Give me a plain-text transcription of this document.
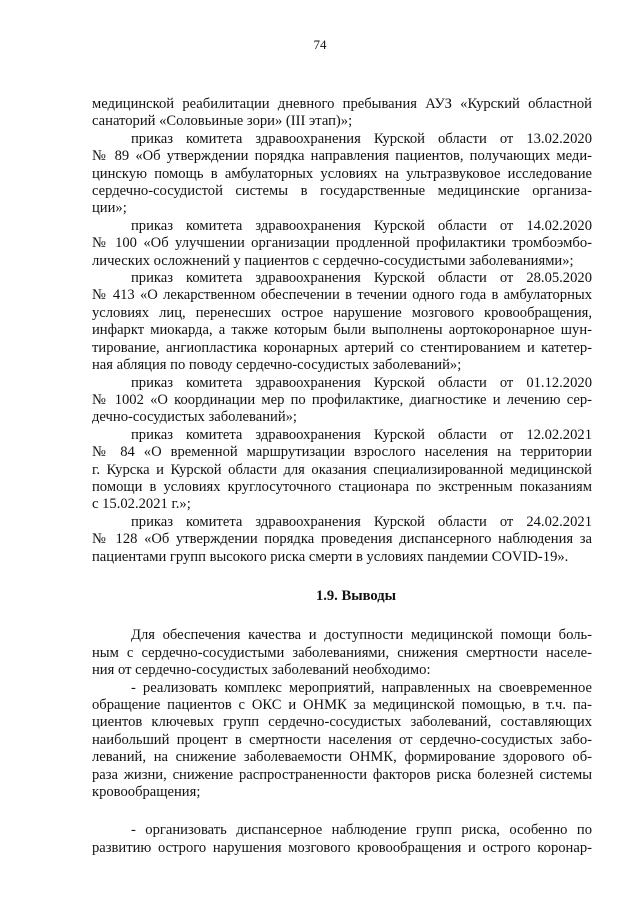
74
медицинской реабилитации дневного пребывания АУЗ «Курский областной
санаторий «Соловьиные зори» (III этап)»;
приказ комитета здравоохранения Курской области от 13.02.2020
№ 89 «Об утверждении порядка направления пациентов, получающих меди-
цинскую помощь в амбулаторных условиях на ультразвуковое исследование
сердечно-сосудистой системы в государственные медицинские организа-
ции»;
приказ комитета здравоохранения Курской области от 14.02.2020
№ 100 «Об улучшении организации продленной профилактики тромбоэмбо-
лических осложнений у пациентов с сердечно-сосудистыми заболеваниями»;
приказ комитета здравоохранения Курской области от 28.05.2020
№ 413 «О лекарственном обеспечении в течении одного года в амбулаторных
условиях лиц, перенесших острое нарушение мозгового кровообращения,
инфаркт миокарда, а также которым были выполнены аортокоронарное шун-
тирование, ангиопластика коронарных артерий со стентированием и катетер-
ная абляция по поводу сердечно-сосудистых заболеваний»;
приказ комитета здравоохранения Курской области от 01.12.2020
№ 1002 «О координации мер по профилактике, диагностике и лечению сер-
дечно-сосудистых заболеваний»;
приказ комитета здравоохранения Курской области от 12.02.2021
№ 84 «О временной маршрутизации взрослого населения на территории
г. Курска и Курской области для оказания специализированной медицинской
помощи в условиях круглосуточного стационара по экстренным показаниям
с 15.02.2021 г.»;
приказ комитета здравоохранения Курской области от 24.02.2021
№ 128 «Об утверждении порядка проведения диспансерного наблюдения за
пациентами групп высокого риска смерти в условиях пандемии COVID-19».
1.9. Выводы
Для обеспечения качества и доступности медицинской помощи боль-
ным с сердечно-сосудистыми заболеваниями, снижения смертности населе-
ния от сердечно-сосудистых заболеваний необходимо:
- реализовать комплекс мероприятий, направленных на своевременное
обращение пациентов с ОКС и ОНМК за медицинской помощью, в т.ч. па-
циентов ключевых групп сердечно-сосудистых заболеваний, составляющих
наибольший процент в смертности населения от сердечно-сосудистых забо-
леваний, на снижение заболеваемости ОНМК, формирование здорового об-
раза жизни, снижение распространенности факторов риска болезней системы
кровообращения;
- организовать диспансерное наблюдение групп риска, особенно по
развитию острого нарушения мозгового кровообращения и острого коронар-
